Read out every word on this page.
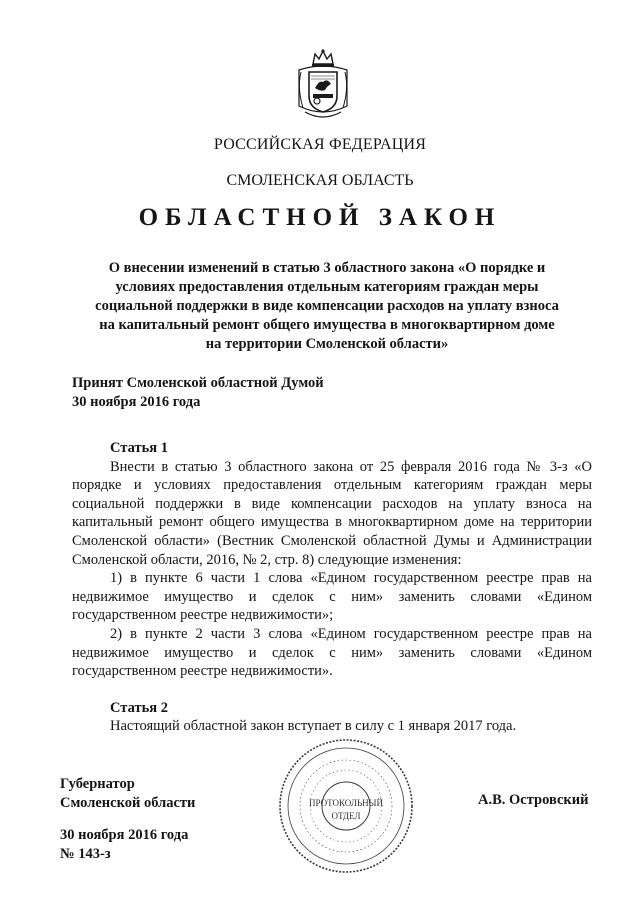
РОССИЙСКАЯ ФЕДЕРАЦИЯ
СМОЛЕНСКАЯ ОБЛАСТЬ
ОБЛАСТНОЙ ЗАКОН
О внесении изменений в статью 3 областного закона «О порядке и
условиях предоставления отдельным категориям граждан меры
социальной поддержки в виде компенсации расходов на уплату взноса
на капитальный ремонт общего имущества в многоквартирном доме
на территории Смоленской области»
Принят Смоленской областной Думой
30 ноября 2016 года

Статья 1

Внести в статью 3 областного закона от 25 февраля 2016 года № 3-з «О порядке и условиях предоставления отдельным категориям граждан меры социальной поддержки в виде компенсации расходов на уплату взноса на капитальный ремонт общего имущества в многоквартирном доме на территории Смоленской области» (Вестник Смоленской областной Думы и Администрации Смоленской области, 2016, № 2, стр. 8) следующие изменения:

1) в пункте 6 части 1 слова «Едином государственном реестре прав на недвижимое имущество и сделок с ним» заменить словами «Едином государственном реестре недвижимости»;

2) в пункте 2 части 3 слова «Едином государственном реестре прав на недвижимое имущество и сделок с ним» заменить словами «Едином государственном реестре недвижимости».

Статья 2

Настоящий областной закон вступает в силу с 1 января 2017 года.

Губернатор
Смоленской области	А.В. Островский
30 ноября 2016 года
№ 143-з
ПРОТОКОЛЬНЫЙ
ОТДЕЛ
